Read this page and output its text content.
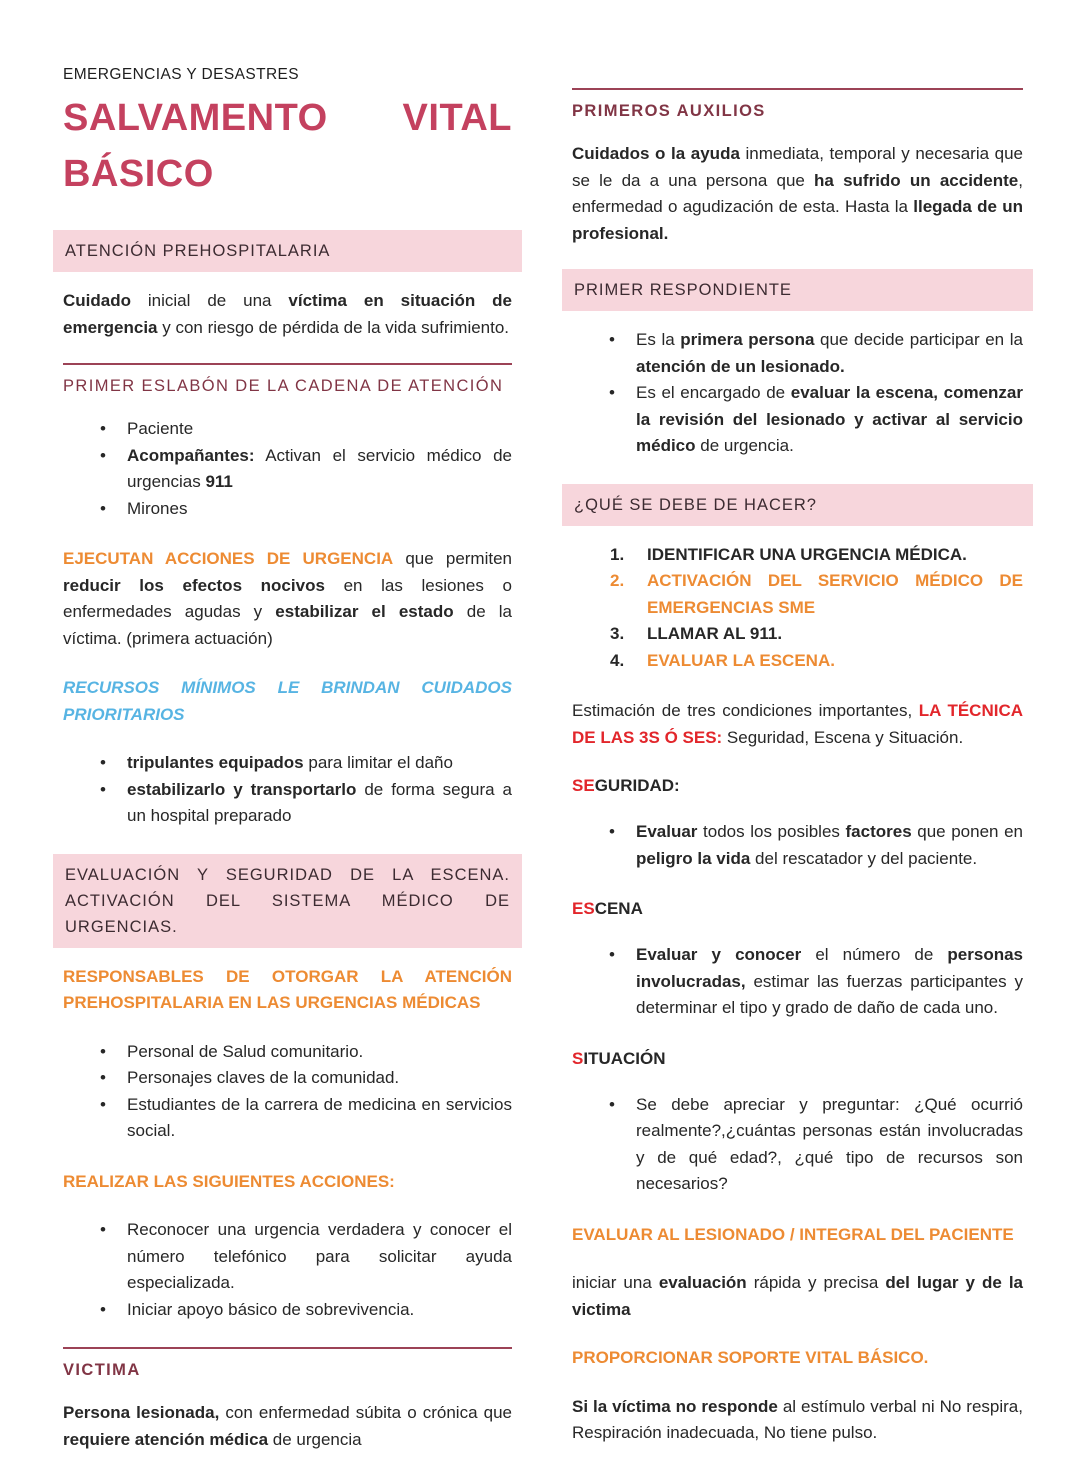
EMERGENCIAS Y DESASTRES
SALVAMENTO VITAL
BÁSICO
ATENCIÓN PREHOSPITALARIA

Cuidado inicial de una víctima en situación de emergencia y con riesgo de pérdida de la vida sufrimiento.

PRIMER ESLABÓN DE LA CADENA DE ATENCIÓN
• Paciente
• Acompañantes: Activan el servicio médico de urgencias 911
• Mirones

EJECUTAN ACCIONES DE URGENCIA que permiten reducir los efectos nocivos en las lesiones o enfermedades agudas y estabilizar el estado de la víctima. (primera actuación)

RECURSOS MÍNIMOS LE BRINDAN CUIDADOS PRIORITARIOS
• tripulantes equipados para limitar el daño
• estabilizarlo y transportarlo de forma segura a un hospital preparado
EVALUACIÓN Y SEGURIDAD DE LA ESCENA. ACTIVACIÓN DEL SISTEMA MÉDICO DE URGENCIAS.
RESPONSABLES DE OTORGAR LA ATENCIÓN PREHOSPITALARIA EN LAS URGENCIAS MÉDICAS
• Personal de Salud comunitario.
• Personajes claves de la comunidad.
• Estudiantes de la carrera de medicina en servicios social.
REALIZAR LAS SIGUIENTES ACCIONES:
• Reconocer una urgencia verdadera y conocer el número telefónico para solicitar ayuda especializada.
• Iniciar apoyo básico de sobrevivencia.
VICTIMA

Persona lesionada, con enfermedad súbita o crónica que requiere atención médica de urgencia

PRIMEROS AUXILIOS

Cuidados o la ayuda inmediata, temporal y necesaria que se le da a una persona que ha sufrido un accidente, enfermedad o agudización de esta. Hasta la llegada de un profesional.

PRIMER RESPONDIENTE
• Es la primera persona que decide participar en la atención de un lesionado.
• Es el encargado de evaluar la escena, comenzar la revisión del lesionado y activar al servicio médico de urgencia.
¿QUÉ SE DEBE DE HACER?
1.	IDENTIFICAR UNA URGENCIA MÉDICA.
2.	ACTIVACIÓN DEL SERVICIO MÉDICO DE EMERGENCIAS SME
3.	LLAMAR AL 911.
4.	EVALUAR LA ESCENA.

Estimación de tres condiciones importantes, LA TÉCNICA DE LAS 3S Ó SES: Seguridad, Escena y Situación.

SEGURIDAD:
• Evaluar todos los posibles factores que ponen en peligro la vida del rescatador y del paciente.
ESCENA
• Evaluar y conocer el número de personas involucradas, estimar las fuerzas participantes y determinar el tipo y grado de daño de cada uno.
SITUACIÓN
• Se debe apreciar y preguntar: ¿Qué ocurrió realmente?,¿cuántas personas están involucradas y de qué edad?, ¿qué tipo de recursos son necesarios?
EVALUAR AL LESIONADO / INTEGRAL DEL PACIENTE

iniciar una evaluación rápida y precisa del lugar y de la victima

PROPORCIONAR SOPORTE VITAL BÁSICO.

Si la víctima no responde al estímulo verbal ni No respira, Respiración inadecuada, No tiene pulso.
